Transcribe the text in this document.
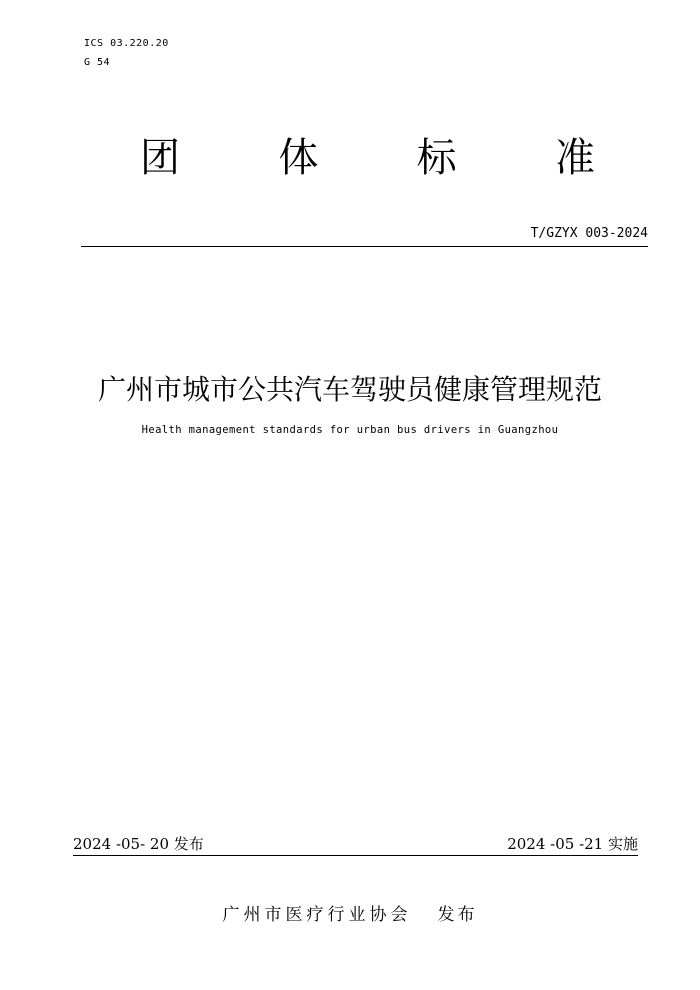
ICS 03.220.20
G 54
团 体 标 准
T/GZYX 003-2024
广州市城市公共汽车驾驶员健康管理规范
Health management standards for urban bus drivers in Guangzhou
2024 -05- 20 发布	2024 -05 -21 实施
广州市医疗行业协会 发布
